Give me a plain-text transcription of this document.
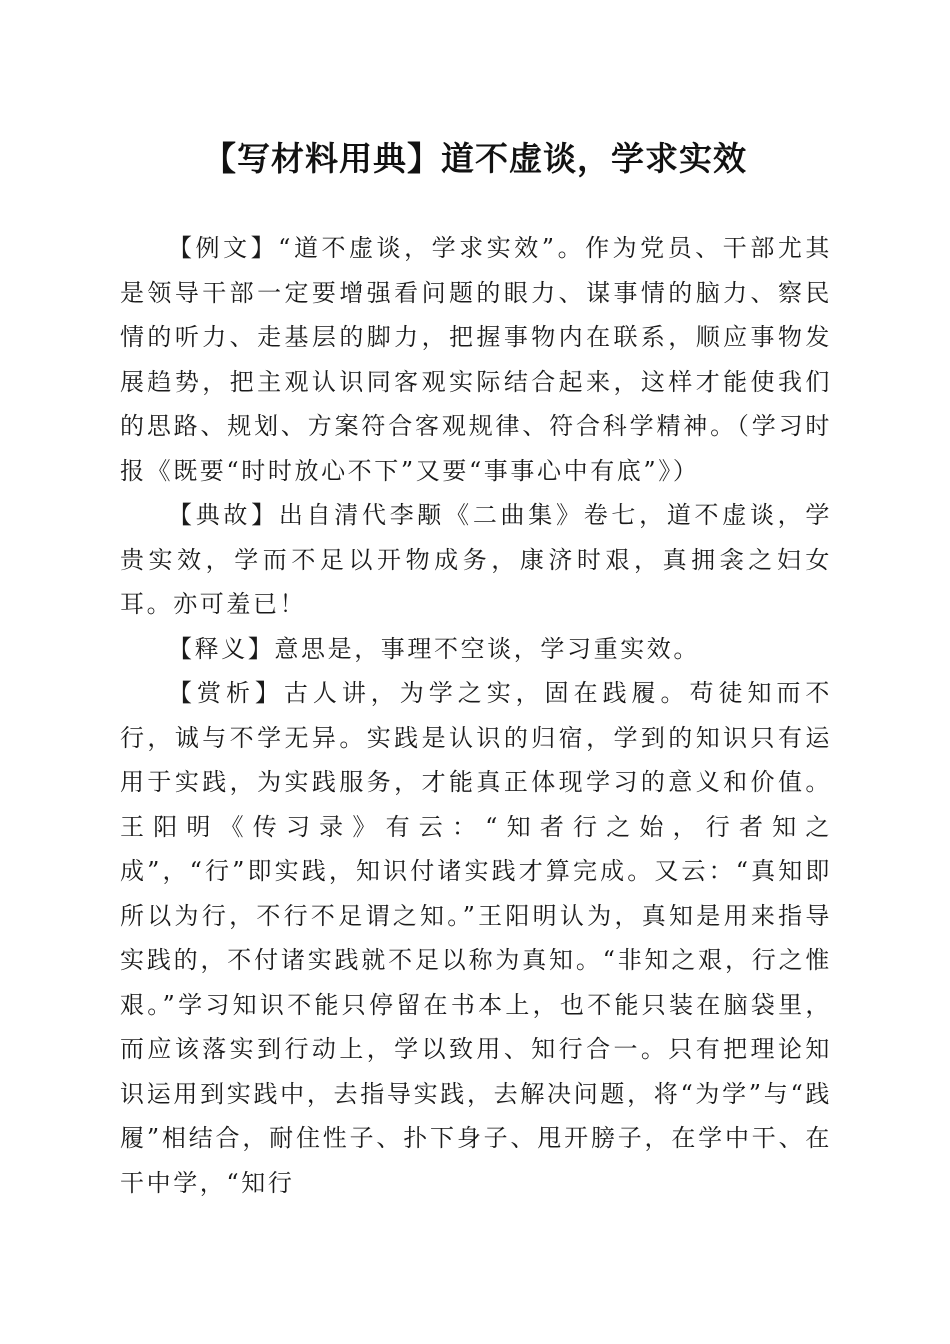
【写材料用典】道不虚谈，学求实效

【例文】“道不虚谈，学求实效”。作为党员、干部尤其是领导干部一定要增强看问题的眼力、谋事情的脑力、察民情的听力、走基层的脚力，把握事物内在联系，顺应事物发展趋势，把主观认识同客观实际结合起来，这样才能使我们的思路、规划、方案符合客观规律、符合科学精神。（学习时报《既要“时时放心不下”又要“事事心中有底”》）

【典故】出自清代李颙《二曲集》卷七，道不虚谈，学贵实效，学而不足以开物成务，康济时艰，真拥衾之妇女耳。亦可羞已！

【释义】意思是，事理不空谈，学习重实效。

【赏析】古人讲，为学之实，固在践履。苟徒知而不行，诚与不学无异。实践是认识的归宿，学到的知识只有运用于实践，为实践服务，才能真正体现学习的意义和价值。王阳明《传习录》有云：“知者行之始，行者知之成”，“行”即实践，知识付诸实践才算完成。又云：“真知即所以为行，不行不足谓之知。”王阳明认为，真知是用来指导实践的，不付诸实践就不足以称为真知。“非知之艰，行之惟艰。”学习知识不能只停留在书本上，也不能只装在脑袋里，而应该落实到行动上，学以致用、知行合一。只有把理论知识运用到实践中，去指导实践，去解决问题，将“为学”与“践履”相结合，耐住性子、扑下身子、甩开膀子，在学中干、在干中学，“知行
